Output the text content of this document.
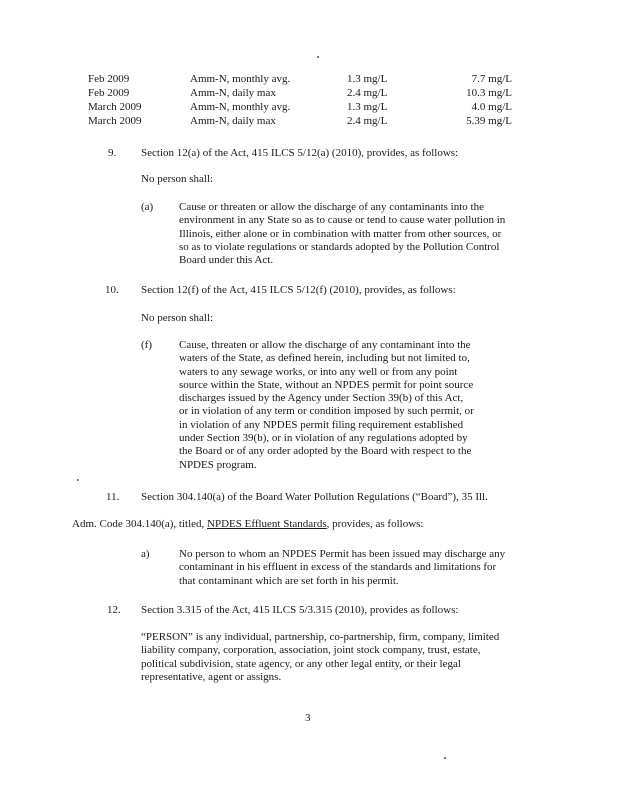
Feb 2009	Amm-N, monthly avg.	1.3 mg/L	7.7 mg/L
Feb 2009	Amm-N, daily max	2.4 mg/L	10.3 mg/L
March 2009	Amm-N, monthly avg.	1.3 mg/L	4.0 mg/L
March 2009	Amm-N, daily max	2.4 mg/L	5.39 mg/L
9. Section 12(a) of the Act, 415 ILCS 5/12(a) (2010), provides, as follows:
No person shall:
(a) Cause or threaten or allow the discharge of any contaminants into the
environment in any State so as to cause or tend to cause water pollution in
Illinois, either alone or in combination with matter from other sources, or
so as to violate regulations or standards adopted by the Pollution Control
Board under this Act.
10. Section 12(f) of the Act, 415 ILCS 5/12(f) (2010), provides, as follows:
No person shall:
(f) Cause, threaten or allow the discharge of any contaminant into the
waters of the State, as defined herein, including but not limited to,
waters to any sewage works, or into any well or from any point
source within the State, without an NPDES permit for point source
discharges issued by the Agency under Section 39(b) of this Act,
or in violation of any term or condition imposed by such permit, or
in violation of any NPDES permit filing requirement established
under Section 39(b), or in violation of any regulations adopted by
the Board or of any order adopted by the Board with respect to the
NPDES program.
11. Section 304.140(a) of the Board Water Pollution Regulations (“Board”), 35 Ill.
Adm. Code 304.140(a), titled, NPDES Effluent Standards, provides, as follows:
a)	No person to whom an NPDES Permit has been issued may discharge any
contaminant in his effluent in excess of the standards and limitations for
that contaminant which are set forth in his permit.
12. Section 3.315 of the Act, 415 ILCS 5/3.315 (2010), provides as follows:
“PERSON” is any individual, partnership, co-partnership, firm, company, limited
liability company, corporation, association, joint stock company, trust, estate,
political subdivision, state agency, or any other legal entity, or their legal
representative, agent or assigns.
3
